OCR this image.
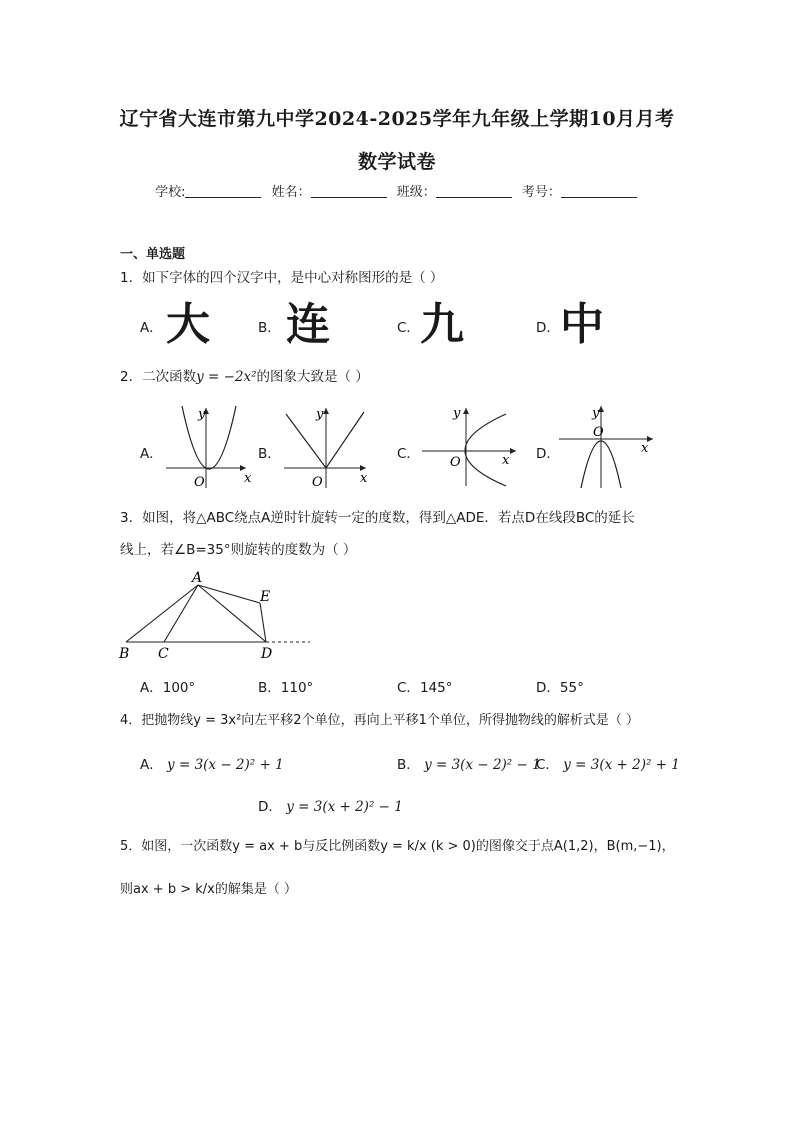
辽宁省大连市第九中学2024-2025学年九年级上学期10月月考
数学试卷
学校:	姓名：	班级：	考号：
一、单选题
1．如下字体的四个汉字中，是中心对称图形的是（ ）
A． 大	B． 连	C． 九	D． 中
2．二次函数y = −2x²的图象大致是（ ）
A．
y
x
O
B．
y
x
O
C．
y
x
O
D．
y
x
O
3．如图，将△ABC绕点A逆时针旋转一定的度数，得到△ADE．若点D在线段BC的延长
线上，若∠B=35°则旋转的度数为（ ）
A
B C	D
E
A．100°	B．110°	C．145°	D．55°
4．把抛物线y = 3x²向左平移2个单位，再向上平移1个单位，所得抛物线的解析式是（ ）
A． y = 3(x − 2)² + 1	B． y = 3(x − 2)² − 1
C． y = 3(x + 2)² + 1
D． y = 3(x + 2)² − 1
5．如图，一次函数y = ax + b与反比例函数y = k/x (k > 0)的图像交于点A(1,2)，B(m,−1)，
则ax + b > k/x的解集是（ ）
